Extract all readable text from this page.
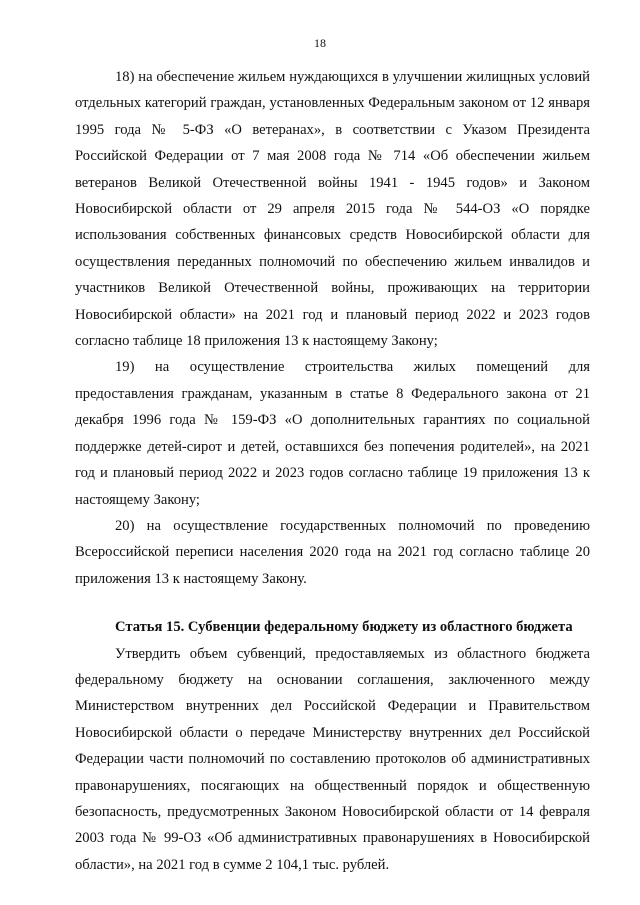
18

18) на обеспечение жильем нуждающихся в улучшении жилищных условий отдельных категорий граждан, установленных Федеральным законом от 12 января 1995 года № 5-ФЗ «О ветеранах», в соответствии с Указом Президента Российской Федерации от 7 мая 2008 года № 714 «Об обеспечении жильем ветеранов Великой Отечественной войны 1941 - 1945 годов» и Законом Новосибирской области от 29 апреля 2015 года № 544-ОЗ «О порядке использования собственных финансовых средств Новосибирской области для осуществления переданных полномочий по обеспечению жильем инвалидов и участников Великой Отечественной войны, проживающих на территории Новосибирской области» на 2021 год и плановый период 2022 и 2023 годов согласно таблице 18 приложения 13 к настоящему Закону;

19) на осуществление строительства жилых помещений для предоставления гражданам, указанным в статье 8 Федерального закона от 21 декабря 1996 года № 159-ФЗ «О дополнительных гарантиях по социальной поддержке детей-сирот и детей, оставшихся без попечения родителей», на 2021 год и плановый период 2022 и 2023 годов согласно таблице 19 приложения 13 к настоящему Закону;

20) на осуществление государственных полномочий по проведению Всероссийской переписи населения 2020 года на 2021 год согласно таблице 20 приложения 13 к настоящему Закону.

Статья 15. Субвенции федеральному бюджету из областного бюджета

Утвердить объем субвенций, предоставляемых из областного бюджета федеральному бюджету на основании соглашения, заключенного между Министерством внутренних дел Российской Федерации и Правительством Новосибирской области о передаче Министерству внутренних дел Российской Федерации части полномочий по составлению протоколов об административных правонарушениях, посягающих на общественный порядок и общественную безопасность, предусмотренных Законом Новосибирской области от 14 февраля 2003 года № 99-ОЗ «Об административных правонарушениях в Новосибирской области», на 2021 год в сумме 2 104,1 тыс. рублей.
